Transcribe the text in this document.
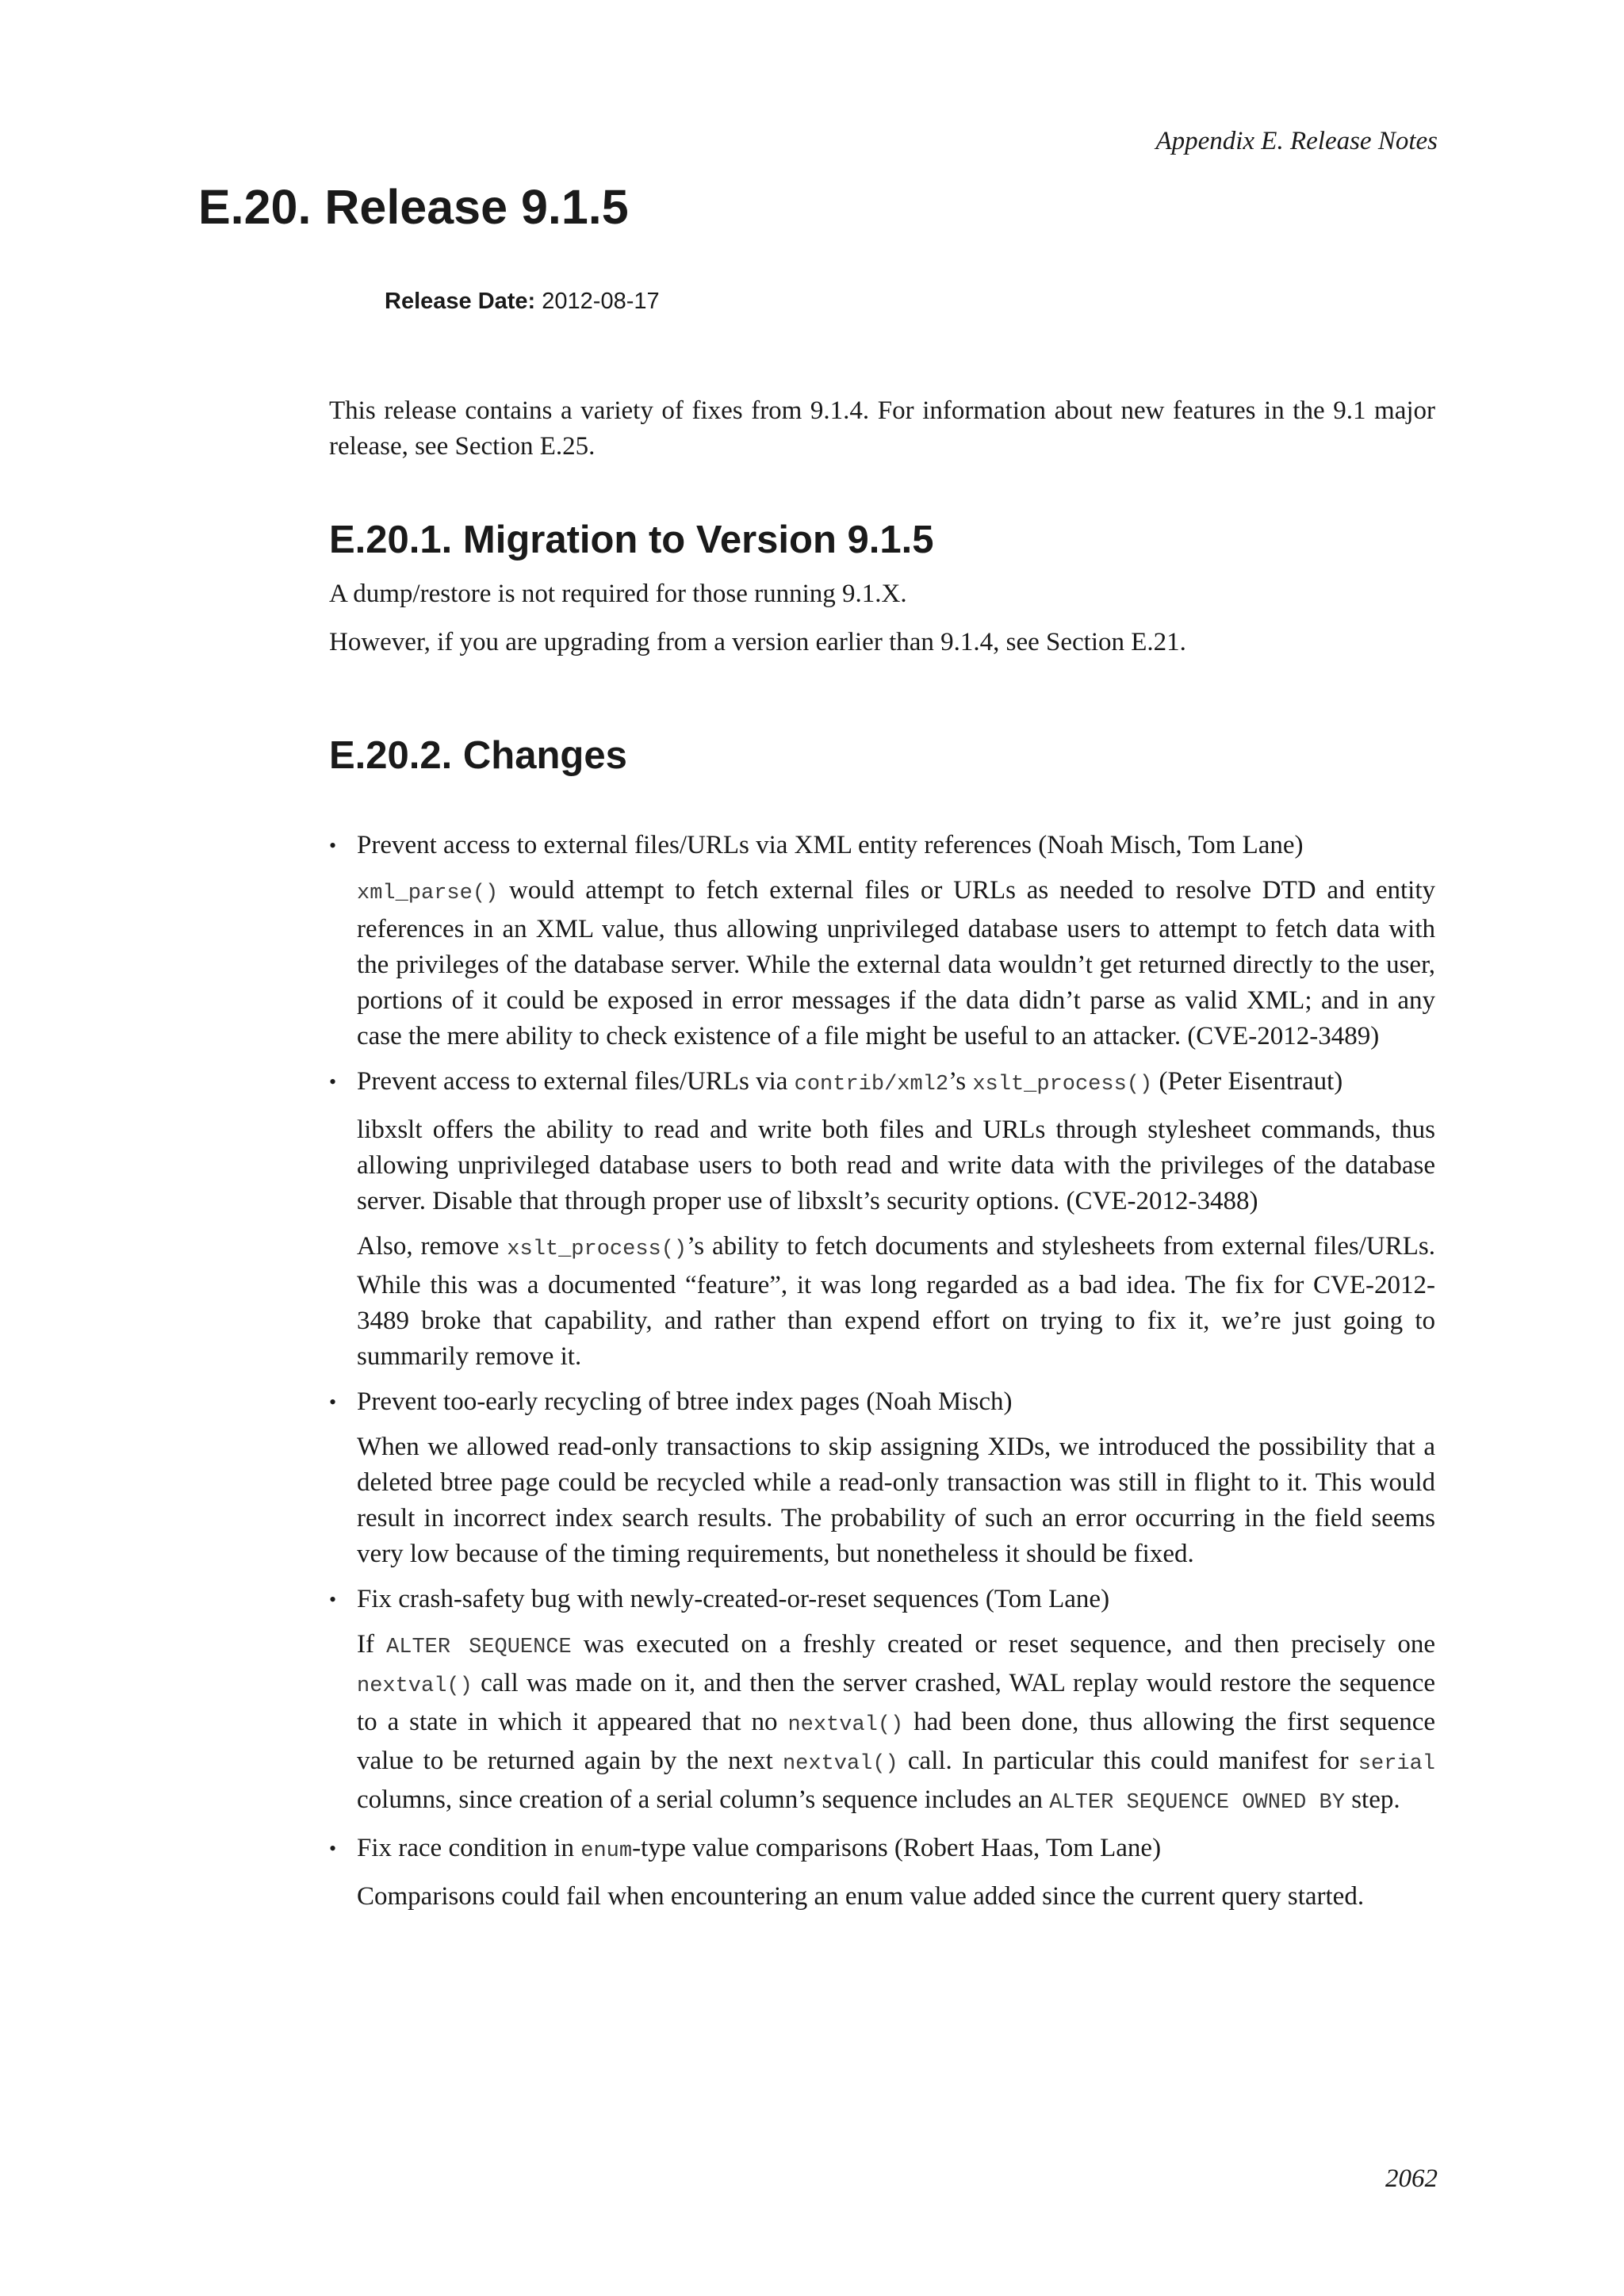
Appendix E. Release Notes
E.20. Release 9.1.5
Release Date: 2012-08-17

This release contains a variety of fixes from 9.1.4. For information about new features in the 9.1 major release, see Section E.25.

E.20.1. Migration to Version 9.1.5

A dump/restore is not required for those running 9.1.X.

However, if you are upgrading from a version earlier than 9.1.4, see Section E.21.

E.20.2. Changes
• Prevent access to external files/URLs via XML entity references (Noah Misch, Tom Lane)

xml_parse() would attempt to fetch external files or URLs as needed to resolve DTD and entity references in an XML value, thus allowing unprivileged database users to attempt to fetch data with the privileges of the database server. While the external data wouldn’t get returned directly to the user, portions of it could be exposed in error messages if the data didn’t parse as valid XML; and in any case the mere ability to check existence of a file might be useful to an attacker. (CVE-2012-3489)

• Prevent access to external files/URLs via contrib/xml2’s xslt_process() (Peter Eisentraut)

libxslt offers the ability to read and write both files and URLs through stylesheet commands, thus allowing unprivileged database users to both read and write data with the privileges of the database server. Disable that through proper use of libxslt’s security options. (CVE-2012-3488)

Also, remove xslt_process()’s ability to fetch documents and stylesheets from external files/URLs. While this was a documented “feature”, it was long regarded as a bad idea. The fix for CVE-2012-3489 broke that capability, and rather than expend effort on trying to fix it, we’re just going to summarily remove it.

• Prevent too-early recycling of btree index pages (Noah Misch)

When we allowed read-only transactions to skip assigning XIDs, we introduced the possibility that a deleted btree page could be recycled while a read-only transaction was still in flight to it. This would result in incorrect index search results. The probability of such an error occurring in the field seems very low because of the timing requirements, but nonetheless it should be fixed.

• Fix crash-safety bug with newly-created-or-reset sequences (Tom Lane)

If ALTER SEQUENCE was executed on a freshly created or reset sequence, and then precisely one nextval() call was made on it, and then the server crashed, WAL replay would restore the sequence to a state in which it appeared that no nextval() had been done, thus allowing the first sequence value to be returned again by the next nextval() call. In particular this could manifest for serial columns, since creation of a serial column’s sequence includes an ALTER SEQUENCE OWNED BY step.

• Fix race condition in enum-type value comparisons (Robert Haas, Tom Lane)

Comparisons could fail when encountering an enum value added since the current query started.

2062
